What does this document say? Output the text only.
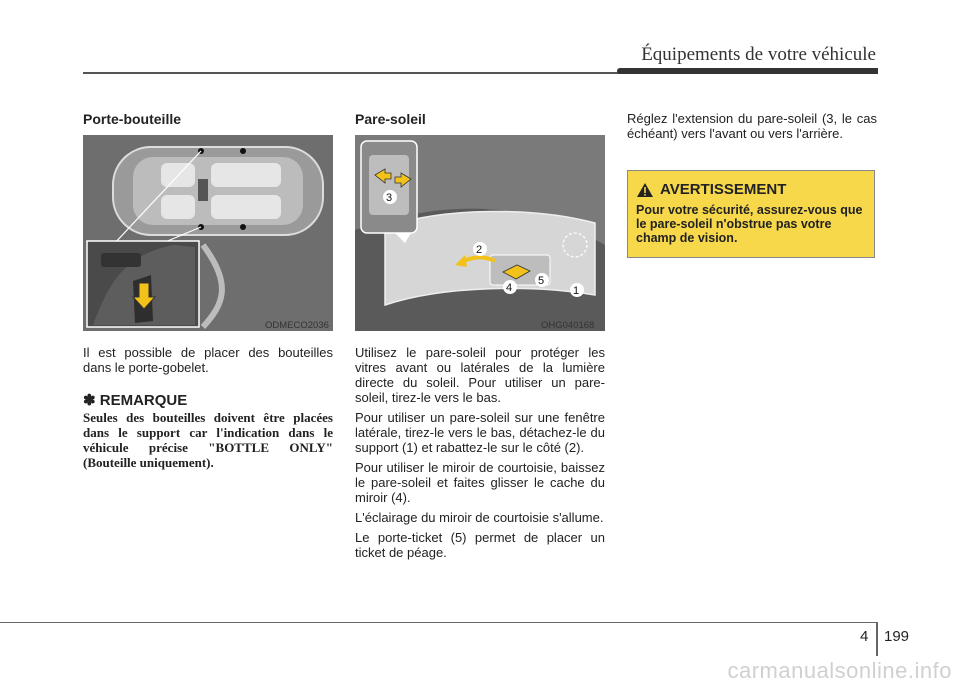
Équipements de votre véhicule
Porte-bouteille
ODMECO2036
Il est possible de placer des bouteilles dans le porte-gobelet.
✽ REMARQUE
Seules des bouteilles doivent être placées dans le support car l'indication dans le véhicule précise "BOTTLE ONLY" (Bouteille uniquement).
Pare-soleil
3
2
5
4	1
OHG040168

Utilisez le pare-soleil pour protéger les vitres avant ou latérales de la lumière directe du soleil. Pour utiliser un pare-soleil, tirez-le vers le bas.

Pour utiliser un pare-soleil sur une fenêtre latérale, tirez-le vers le bas, détachez-le du support (1) et rabattez-le sur le côté (2).

Pour utiliser le miroir de courtoisie, baissez le pare-soleil et faites glisser le cache du miroir (4).

L'éclairage du miroir de courtoisie s'allume.

Le porte-ticket (5) permet de placer un ticket de péage.

Réglez l'extension du pare-soleil (3, le cas échéant) vers l'avant ou vers l'arrière.
AVERTISSEMENT
Pour votre sécurité, assurez-vous que le pare-soleil n'obstrue pas votre champ de vision.
4 199
carmanualsonline.info
